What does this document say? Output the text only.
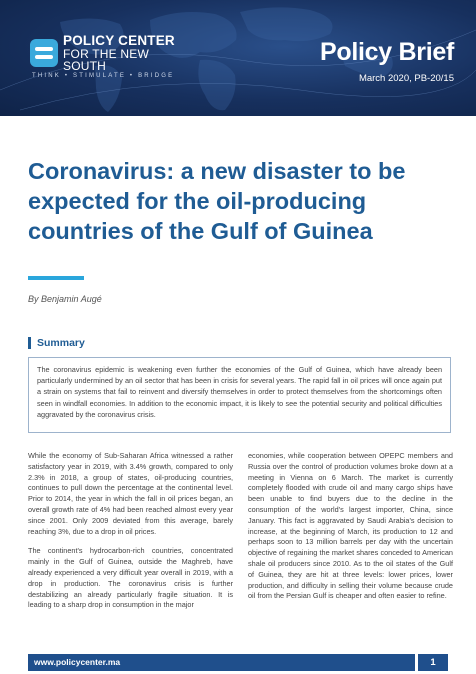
POLICY CENTER
FOR THE NEW SOUTH
THINK • STIMULATE • BRIDGE
Policy Brief
March 2020, PB-20/15
Coronavirus: a new disaster to be expected for the oil-producing countries of the Gulf of Guinea
By Benjamin Augé
Summary
The coronavirus epidemic is weakening even further the economies of the Gulf of Guinea, which have already been particularly undermined by an oil sector that has been in crisis for several years. The rapid fall in oil prices will once again put a strain on systems that fail to reinvent and diversify themselves in order to protect themselves from the shortcomings often seen in windfall economies. In addition to the economic impact, it is likely to see the potential security and political difficulties aggravated by the coronavirus crisis.

While the economy of Sub-Saharan Africa witnessed a rather satisfactory year in 2019, with 3.4% growth, compared to only 2.3% in 2018, a group of states, oil-producing countries, continues to pull down the percentage at the continental level. Prior to 2014, the year in which the fall in oil prices began, an overall growth rate of 4% had been reached almost every year since 2001. Only 2009 deviated from this average, barely reaching 3%, due to a drop in oil prices.

The continent's hydrocarbon-rich countries, concentrated mainly in the Gulf of Guinea, outside the Maghreb, have already experienced a very difficult year overall in 2019, with a drop in production. The coronavirus crisis is further destabilizing an already particularly fragile situation. It is leading to a sharp drop in consumption in the major

economies, while cooperation between OPEPC members and Russia over the control of production volumes broke down at a meeting in Vienna on 6 March. The market is currently completely flooded with crude oil and many cargo ships have been unable to find buyers due to the decline in the consumption of the world's largest importer, China, since January. This fact is aggravated by Saudi Arabia's decision to increase, at the beginning of March, its production to 12 and perhaps soon to 13 million barrels per day with the uncertain objective of regaining the market shares conceded to American shale oil producers since 2010. As to the oil states of the Gulf of Guinea, they are hit at three levels: lower prices, lower production, and difficulty in selling their volume because crude oil from the Persian Gulf is cheaper and often easier to refine.

www.policycenter.ma	1
